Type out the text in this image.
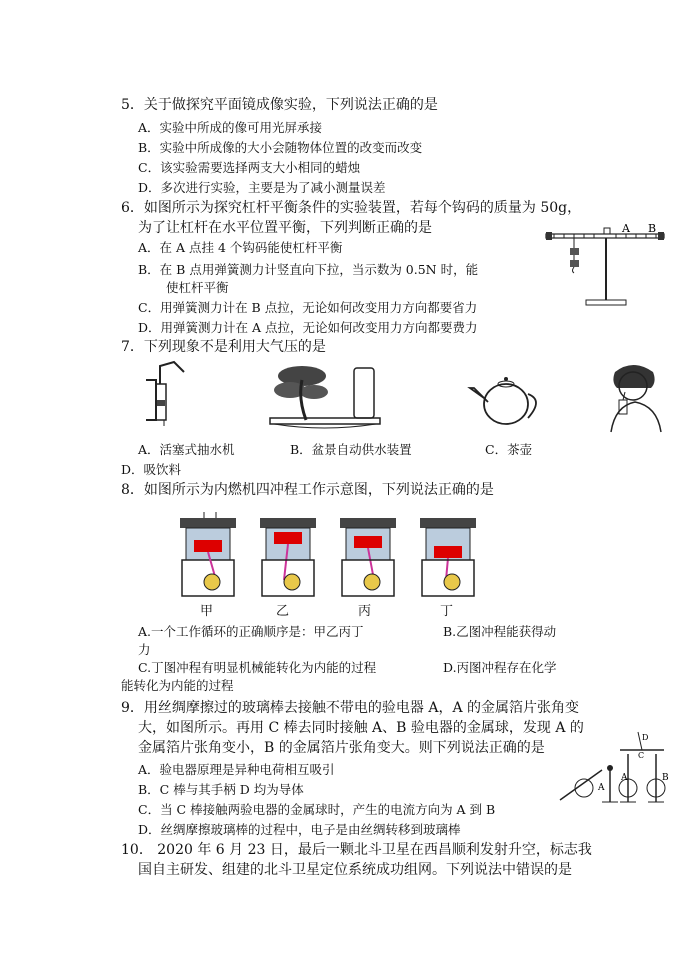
5．关于做探究平面镜成像实验，下列说法正确的是
A．实验中所成的像可用光屏承接
B．实验中所成像的大小会随物体位置的改变而改变
C．该实验需要选择两支大小相同的蜡烛
D．多次进行实验，主要是为了减小测量误差
6．如图所示为探究杠杆平衡条件的实验装置，若每个钩码的质量为 50g，
为了让杠杆在水平位置平衡，下列判断正确的是
A．在 A 点挂 4 个钩码能使杠杆平衡
B．在 B 点用弹簧测力计竖直向下拉，当示数为 0.5N 时，能
使杠杆平衡
C．用弹簧测力计在 B 点拉，无论如何改变用力方向都要省力
D．用弹簧测力计在 A 点拉，无论如何改变用力方向都要费力
A B
7．下列现象不是利用大气压的是
A．活塞式抽水机	B．盆景自动供水装置	C．茶壶
D．吸饮料
8．如图所示为内燃机四冲程工作示意图，下列说法正确的是
甲	乙	丙	丁
A.一个工作循环的正确顺序是：甲乙丙丁	B.乙图冲程能获得动
力
C.丁图冲程有明显机械能转化为内能的过程	D.丙图冲程存在化学
能转化为内能的过程
9．用丝绸摩擦过的玻璃棒去接触不带电的验电器 A，A 的金属箔片张角变
大，如图所示。再用 C 棒去同时接触 A、B 验电器的金属球，发现 A 的
金属箔片张角变小，B 的金属箔片张角变大。则下列说法正确的是
A．验电器原理是异种电荷相互吸引
B．C 棒与其手柄 D 均为导体
C．当 C 棒接触两验电器的金属球时，产生的电流方向为 A 到 B
D．丝绸摩擦玻璃棒的过程中，电子是由丝绸转移到玻璃棒
A
B
A
C
D
10． 2020 年 6 月 23 日，最后一颗北斗卫星在西昌顺利发射升空，标志我
国自主研发、组建的北斗卫星定位系统成功组网。下列说法中错误的是
